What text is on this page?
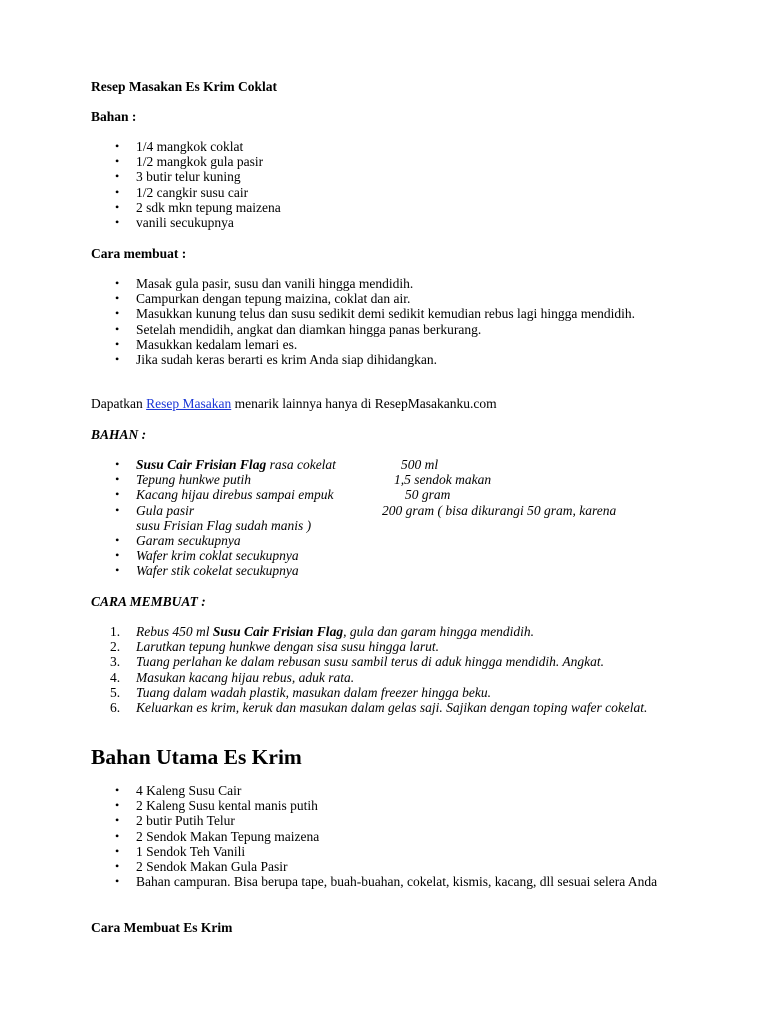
Resep Masakan Es Krim Coklat
Bahan :
• 1/4 mangkok coklat
• 1/2 mangkok gula pasir
• 3 butir telur kuning
• 1/2 cangkir susu cair
• 2 sdk mkn tepung maizena
• vanili secukupnya
Cara membuat :
• Masak gula pasir, susu dan vanili hingga mendidih.
• Campurkan dengan tepung maizina, coklat dan air.
• Masukkan kunung telus dan susu sedikit demi sedikit kemudian rebus lagi hingga mendidih.
• Setelah mendidih, angkat dan diamkan hingga panas berkurang.
• Masukkan kedalam lemari es.
• Jika sudah keras berarti es krim Anda siap dihidangkan.
Dapatkan Resep Masakan menarik lainnya hanya di ResepMasakanku.com
BAHAN :
• Susu Cair Frisian Flag rasa cokelat	500 ml
• Tepung hunkwe putih	1,5 sendok makan
• Kacang hijau direbus sampai empuk	50 gram
• Gula pasir	200 gram ( bisa dikurangi 50 gram, karena
susu Frisian Flag sudah manis )
• Garam secukupnya
• Wafer krim coklat secukupnya
• Wafer stik cokelat secukupnya
CARA MEMBUAT :
1. Rebus 450 ml Susu Cair Frisian Flag, gula dan garam hingga mendidih.
2. Larutkan tepung hunkwe dengan sisa susu hingga larut.
3. Tuang perlahan ke dalam rebusan susu sambil terus di aduk hingga mendidih. Angkat.
4. Masukan kacang hijau rebus, aduk rata.
5. Tuang dalam wadah plastik, masukan dalam freezer hingga beku.
6. Keluarkan es krim, keruk dan masukan dalam gelas saji. Sajikan dengan toping wafer cokelat.
Bahan Utama Es Krim
• 4 Kaleng Susu Cair
• 2 Kaleng Susu kental manis putih
• 2 butir Putih Telur
• 2 Sendok Makan Tepung maizena
• 1 Sendok Teh Vanili
• 2 Sendok Makan Gula Pasir
• Bahan campuran. Bisa berupa tape, buah-buahan, cokelat, kismis, kacang, dll sesuai selera Anda
Cara Membuat Es Krim
